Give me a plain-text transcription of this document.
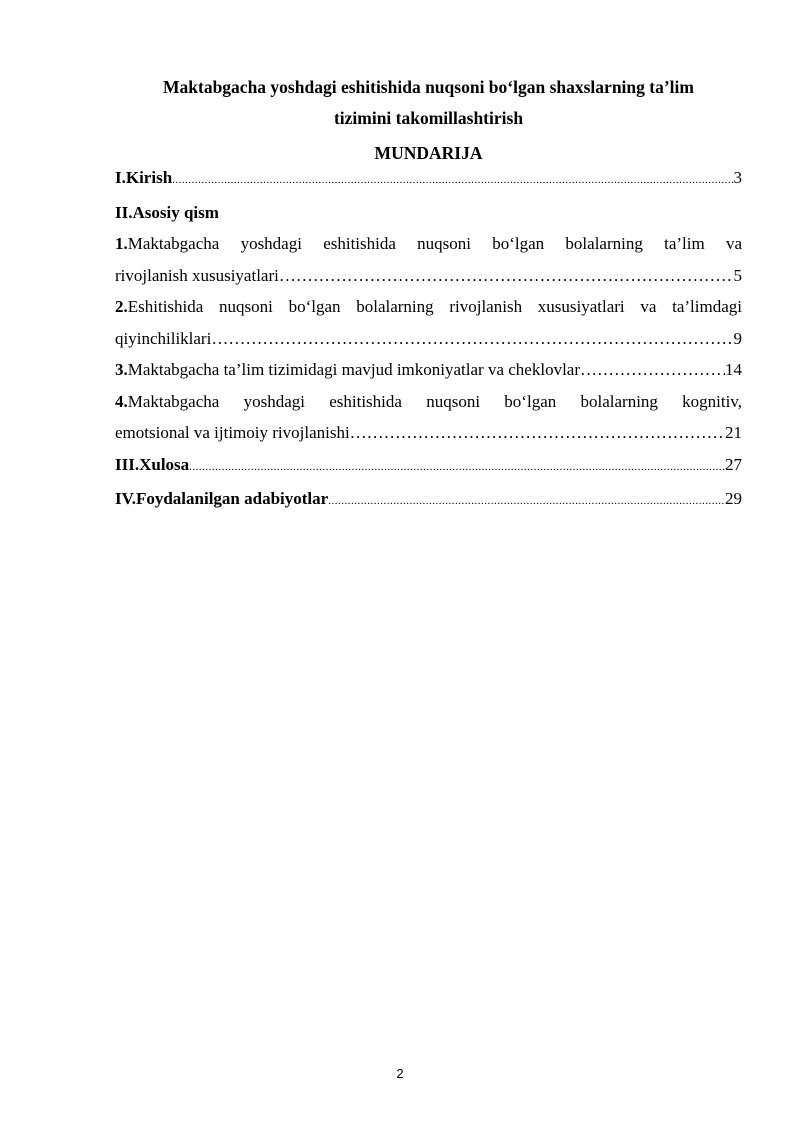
Maktabgacha yoshdagi eshitishida nuqsoni bo‘lgan shaxslarning ta’lim
tizimini takomillashtirish
MUNDARIJA
I.Kirish .....	3
II.Asosiy qism
1.Maktabgacha yoshdagi eshitishida nuqsoni bo‘lgan bolalarning ta’lim va
rivojlanish xususiyatlari ……………………………………………………………………………………………………………………………………………………	5
2.Eshitishida nuqsoni bo‘lgan bolalarning rivojlanish xususiyatlari va ta’limdagi
qiyinchiliklari ……………………………………………………………………………………………………………………………………………………	9
3. Maktabgacha ta’lim tizimidagi mavjud imkoniyatlar va cheklovlar ……………………………………………………………………………………………………………………………………………………	14
4.Maktabgacha yoshdagi eshitishida nuqsoni bo‘lgan bolalarning kognitiv,
emotsional va ijtimoiy rivojlanishi ……………………………………………………………………………………………………………………………………………………	21
III.Xulosa .....	27
IV.Foydalanilgan adabiyotlar .....	29
2
